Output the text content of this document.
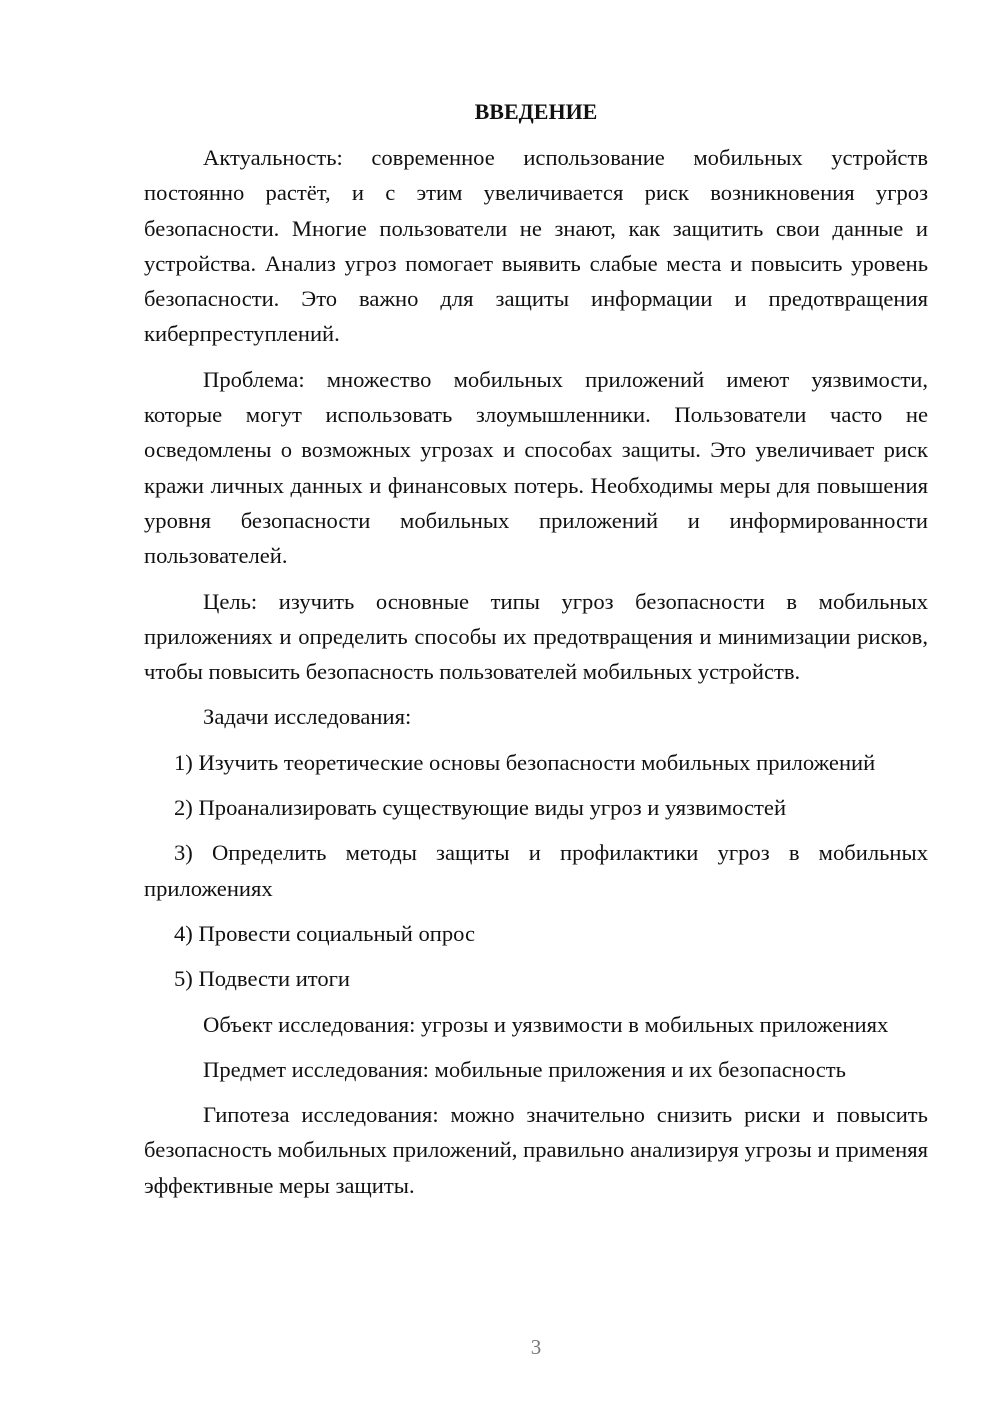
ВВЕДЕНИЕ

Актуальность: современное использование мобильных устройств постоянно растёт, и с этим увеличивается риск возникновения угроз безопасности. Многие пользователи не знают, как защитить свои данные и устройства. Анализ угроз помогает выявить слабые места и повысить уровень безопасности. Это важно для защиты информации и предотвращения киберпреступлений.

Проблема: множество мобильных приложений имеют уязвимости, которые могут использовать злоумышленники. Пользователи часто не осведомлены о возможных угрозах и способах защиты. Это увеличивает риск кражи личных данных и финансовых потерь. Необходимы меры для повышения уровня безопасности мобильных приложений и информированности пользователей.

Цель: изучить основные типы угроз безопасности в мобильных приложениях и определить способы их предотвращения и минимизации рисков, чтобы повысить безопасность пользователей мобильных устройств.

Задачи исследования:

1) Изучить теоретические основы безопасности мобильных приложений

2) Проанализировать существующие виды угроз и уязвимостей

3) Определить методы защиты и профилактики угроз в мобильных приложениях

4) Провести социальный опрос

5) Подвести итоги

Объект исследования: угрозы и уязвимости в мобильных приложениях

Предмет исследования: мобильные приложения и их безопасность

Гипотеза исследования: можно значительно снизить риски и повысить безопасность мобильных приложений, правильно анализируя угрозы и применяя эффективные меры защиты.

3
